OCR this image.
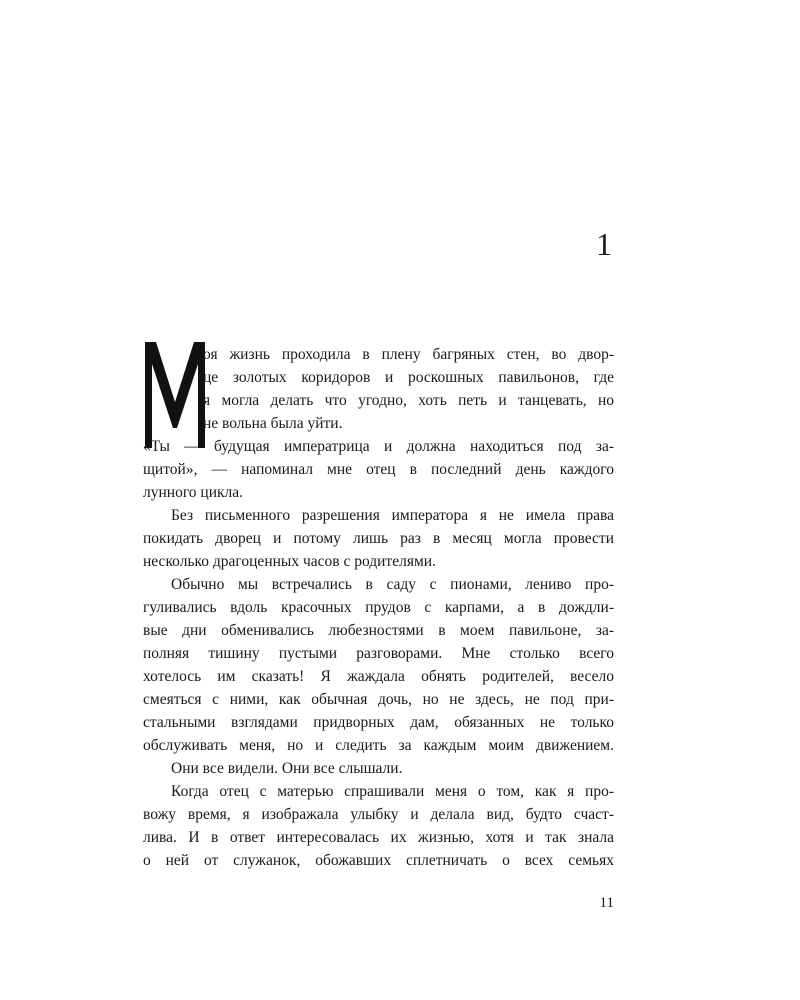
1
оя жизнь проходила в плену багряных стен, во двор-
це золотых коридоров и роскошных павильонов, где
я могла делать что угодно, хоть петь и танцевать, но
не вольна была уйти.
«Ты — будущая императрица и должна находиться под за-
щитой», — напоминал мне отец в последний день каждого
лунного цикла.
Без письменного разрешения императора я не имела права
покидать дворец и потому лишь раз в месяц могла провести
несколько драгоценных часов с родителями.
Обычно мы встречались в саду с пионами, лениво про-
гуливались вдоль красочных прудов с карпами, а в дождли-
вые дни обменивались любезностями в моем павильоне, за-
полняя тишину пустыми разговорами. Мне столько всего
хотелось им сказать! Я жаждала обнять родителей, весело
смеяться с ними, как обычная дочь, но не здесь, не под при-
стальными взглядами придворных дам, обязанных не только
обслуживать меня, но и следить за каждым моим движением.
Они все видели. Они все слышали.
Когда отец с матерью спрашивали меня о том, как я про-
вожу время, я изображала улыбку и делала вид, будто счаст-
лива. И в ответ интересовалась их жизнью, хотя и так знала
о ней от служанок, обожавших сплетничать о всех семьях
11
